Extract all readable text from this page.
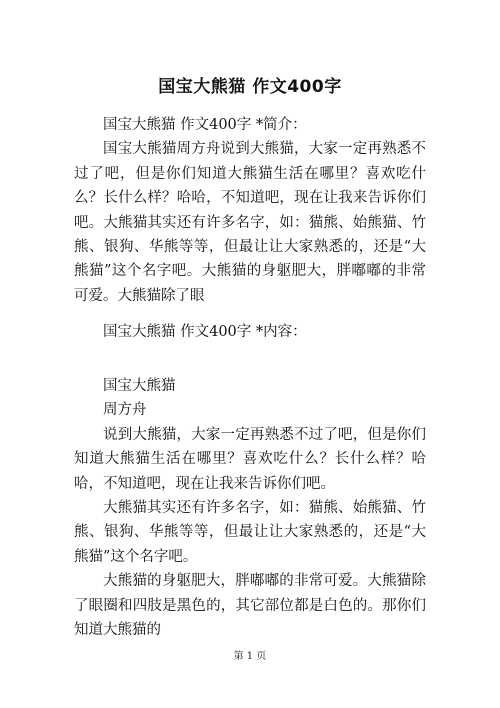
国宝大熊猫 作文400字

国宝大熊猫 作文400字 *简介：

国宝大熊猫周方舟说到大熊猫，大家一定再熟悉不过了吧，但是你们知道大熊猫生活在哪里？喜欢吃什么？长什么样？哈哈，不知道吧，现在让我来告诉你们吧。大熊猫其实还有许多名字，如：猫熊、始熊猫、竹熊、银狗、华熊等等，但最让让大家熟悉的，还是“大熊猫”这个名字吧。大熊猫的身躯肥大，胖嘟嘟的非常可爱。大熊猫除了眼

国宝大熊猫 作文400字 *内容：

国宝大熊猫

周方舟

说到大熊猫，大家一定再熟悉不过了吧，但是你们知道大熊猫生活在哪里？喜欢吃什么？长什么样？哈哈，不知道吧，现在让我来告诉你们吧。

大熊猫其实还有许多名字，如：猫熊、始熊猫、竹熊、银狗、华熊等等，但最让让大家熟悉的，还是“大熊猫”这个名字吧。

大熊猫的身躯肥大，胖嘟嘟的非常可爱。大熊猫除了眼圈和四肢是黑色的，其它部位都是白色的。那你们知道大熊猫的

第 1 页
